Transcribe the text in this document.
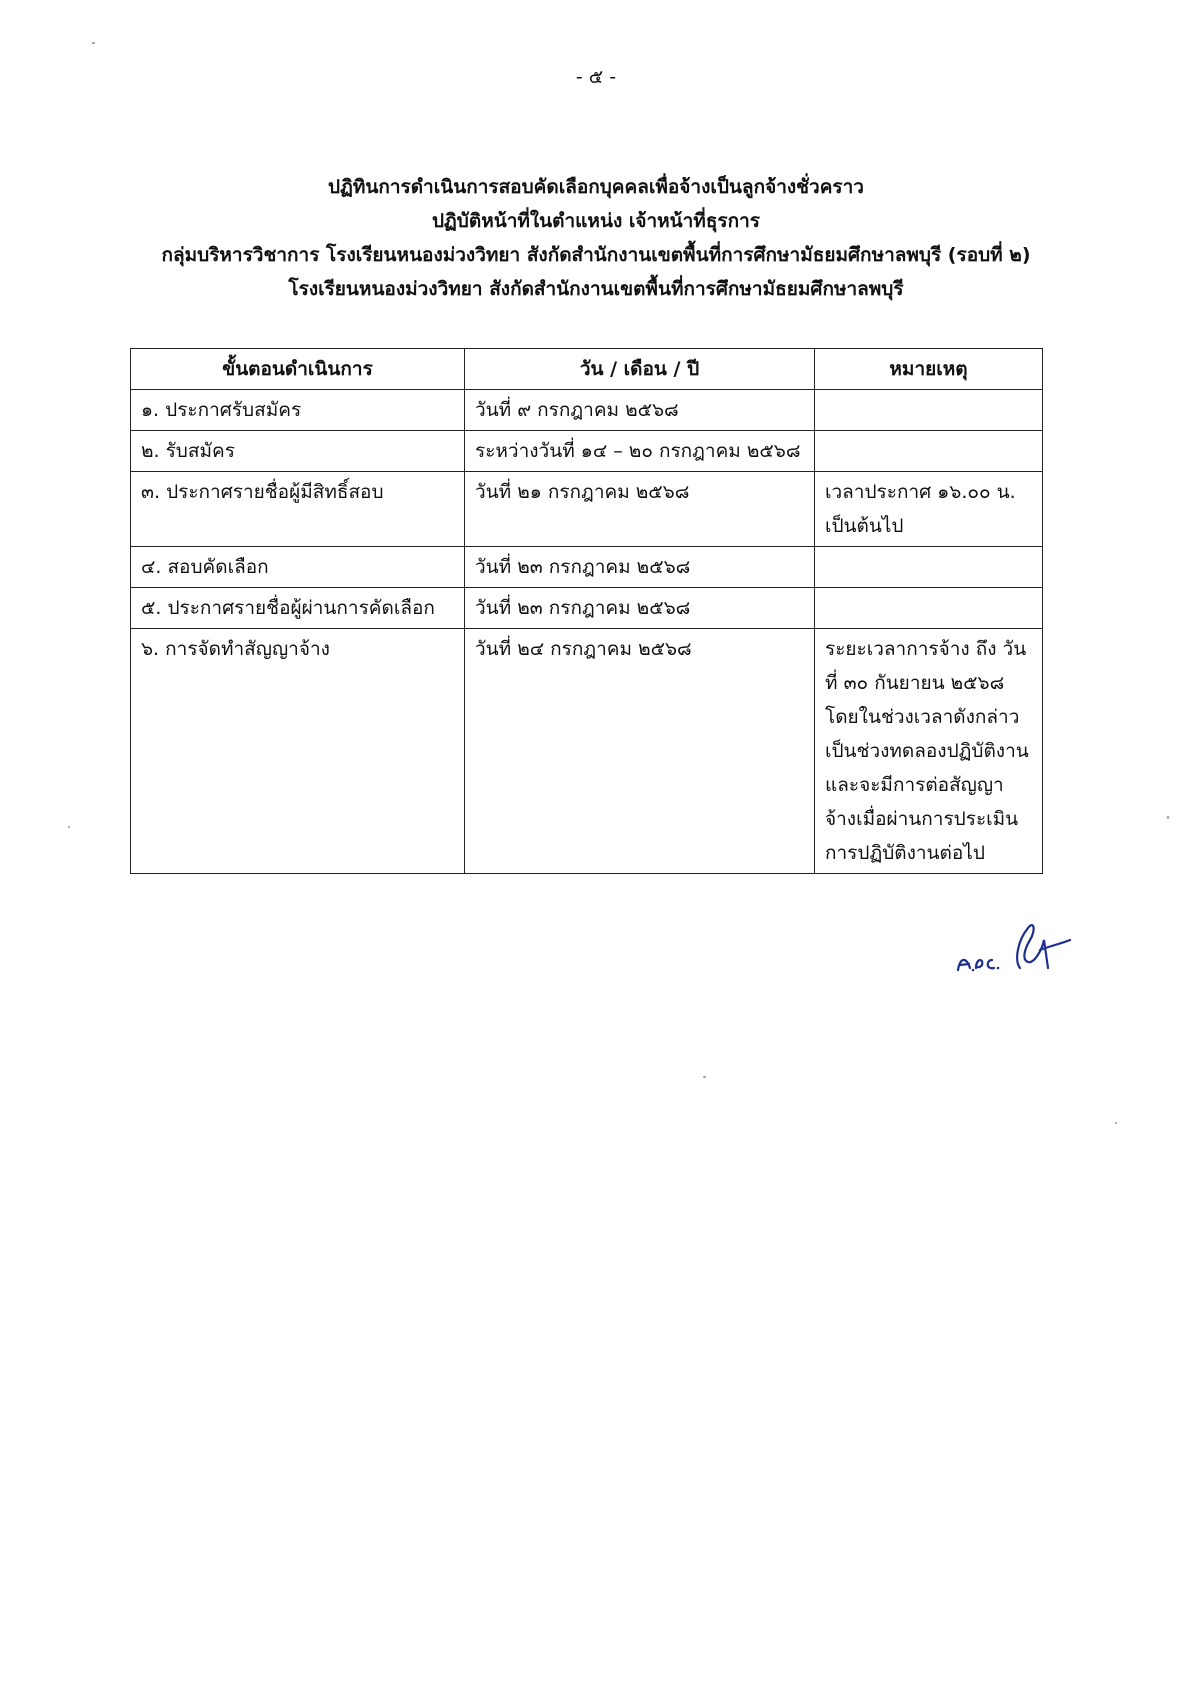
- ๕ -
ปฏิทินการดำเนินการสอบคัดเลือกบุคคลเพื่อจ้างเป็นลูกจ้างชั่วคราว
ปฏิบัติหน้าที่ในตำแหน่ง เจ้าหน้าที่ธุรการ
กลุ่มบริหารวิชาการ โรงเรียนหนองม่วงวิทยา สังกัดสำนักงานเขตพื้นที่การศึกษามัธยมศึกษาลพบุรี (รอบที่ ๒)
โรงเรียนหนองม่วงวิทยา สังกัดสำนักงานเขตพื้นที่การศึกษามัธยมศึกษาลพบุรี
ขั้นตอนดำเนินการ	วัน / เดือน / ปี	หมายเหตุ
๑. ประกาศรับสมัคร	วันที่ ๙ กรกฎาคม ๒๕๖๘	
๒. รับสมัคร	ระหว่างวันที่ ๑๔ – ๒๐ กรกฎาคม ๒๕๖๘	
๓. ประกาศรายชื่อผู้มีสิทธิ์สอบ	วันที่ ๒๑ กรกฎาคม ๒๕๖๘	เวลาประกาศ ๑๖.๐๐ น. เป็นต้นไป
๔. สอบคัดเลือก	วันที่ ๒๓ กรกฎาคม ๒๕๖๘	
๕. ประกาศรายชื่อผู้ผ่านการคัดเลือก	วันที่ ๒๓ กรกฎาคม ๒๕๖๘	
๖. การจัดทำสัญญาจ้าง	วันที่ ๒๔ กรกฎาคม ๒๕๖๘	ระยะเวลาการจ้าง ถึง วันที่ ๓๐ กันยายน ๒๕๖๘ โดยในช่วงเวลาดังกล่าวเป็นช่วงทดลองปฏิบัติงาน และจะมีการต่อสัญญาจ้างเมื่อผ่านการประเมินการปฏิบัติงานต่อไป
